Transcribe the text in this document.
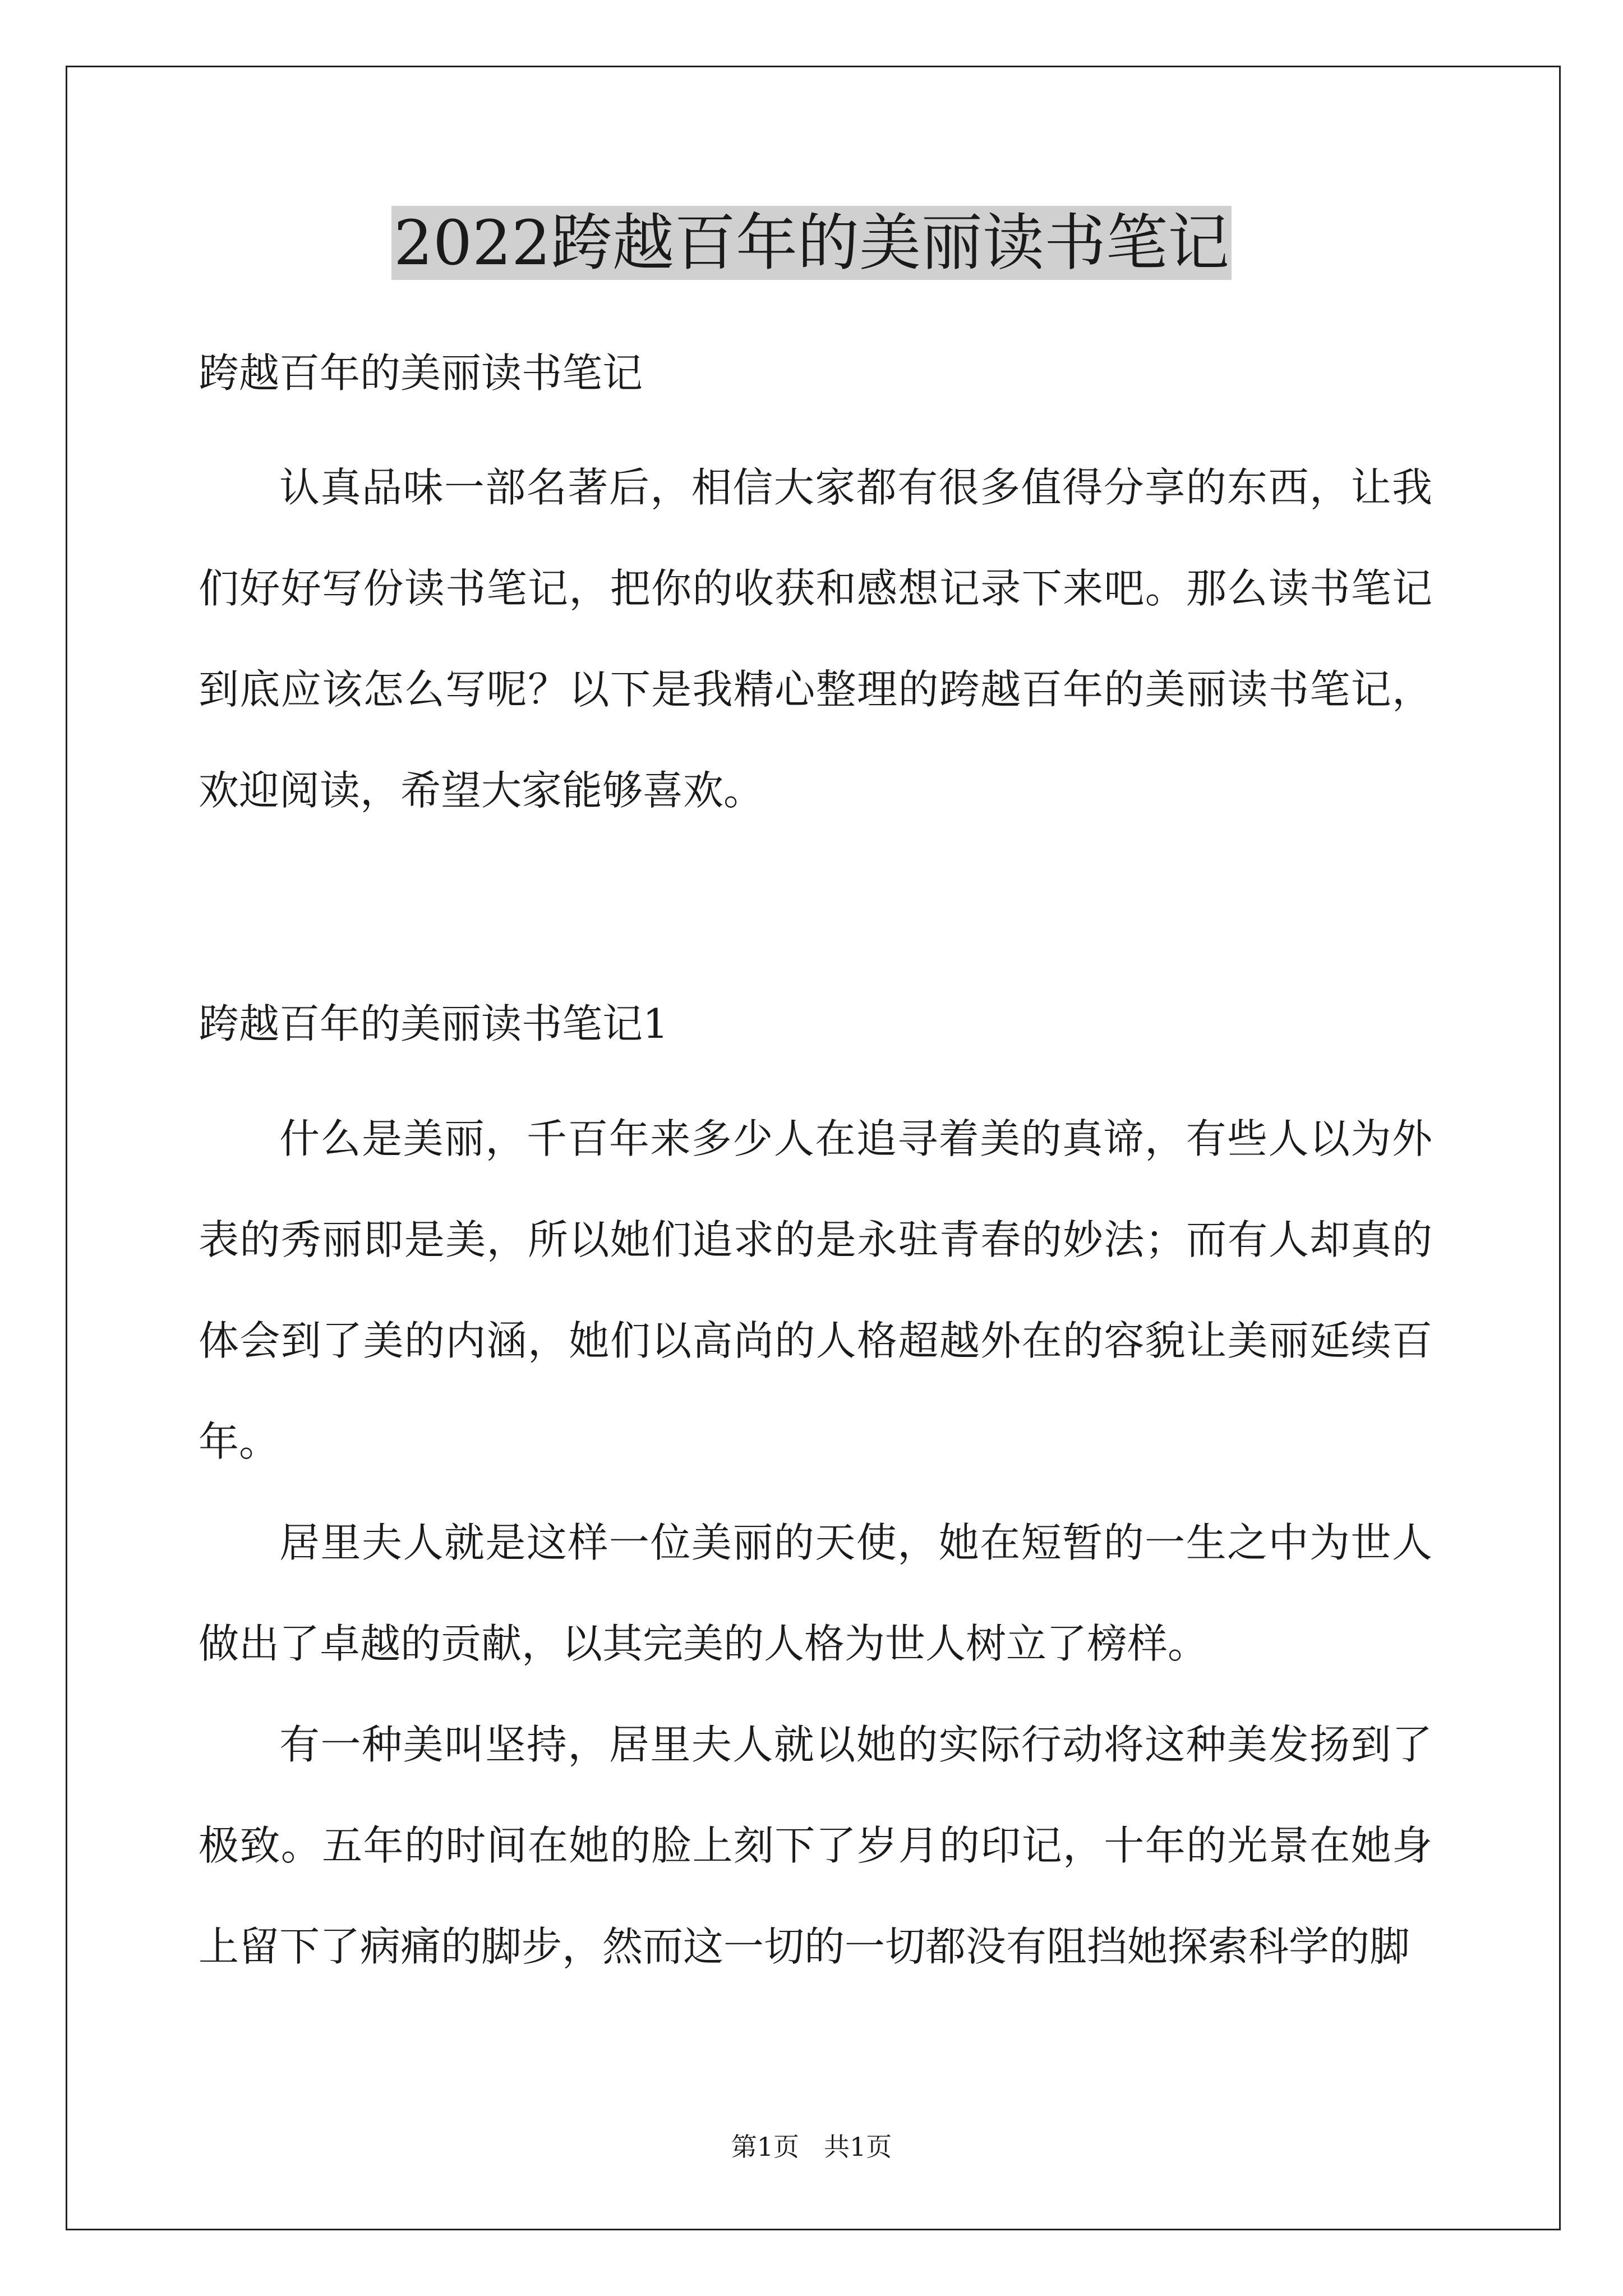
2022跨越百年的美丽读书笔记

跨越百年的美丽读书笔记

认真品味一部名著后，相信大家都有很多值得分享的东西，让我们好好写份读书笔记，把你的收获和感想记录下来吧。那么读书笔记到底应该怎么写呢？以下是我精心整理的跨越百年的美丽读书笔记，欢迎阅读，希望大家能够喜欢。

跨越百年的美丽读书笔记1

什么是美丽，千百年来多少人在追寻着美的真谛，有些人以为外表的秀丽即是美，所以她们追求的是永驻青春的妙法；而有人却真的体会到了美的内涵，她们以高尚的人格超越外在的容貌让美丽延续百年。

居里夫人就是这样一位美丽的天使，她在短暂的一生之中为世人做出了卓越的贡献，以其完美的人格为世人树立了榜样。

有一种美叫坚持，居里夫人就以她的实际行动将这种美发扬到了极致。五年的时间在她的脸上刻下了岁月的印记，十年的光景在她身上留下了病痛的脚步，然而这一切的一切都没有阻挡她探索科学的脚

第1页 共1页
